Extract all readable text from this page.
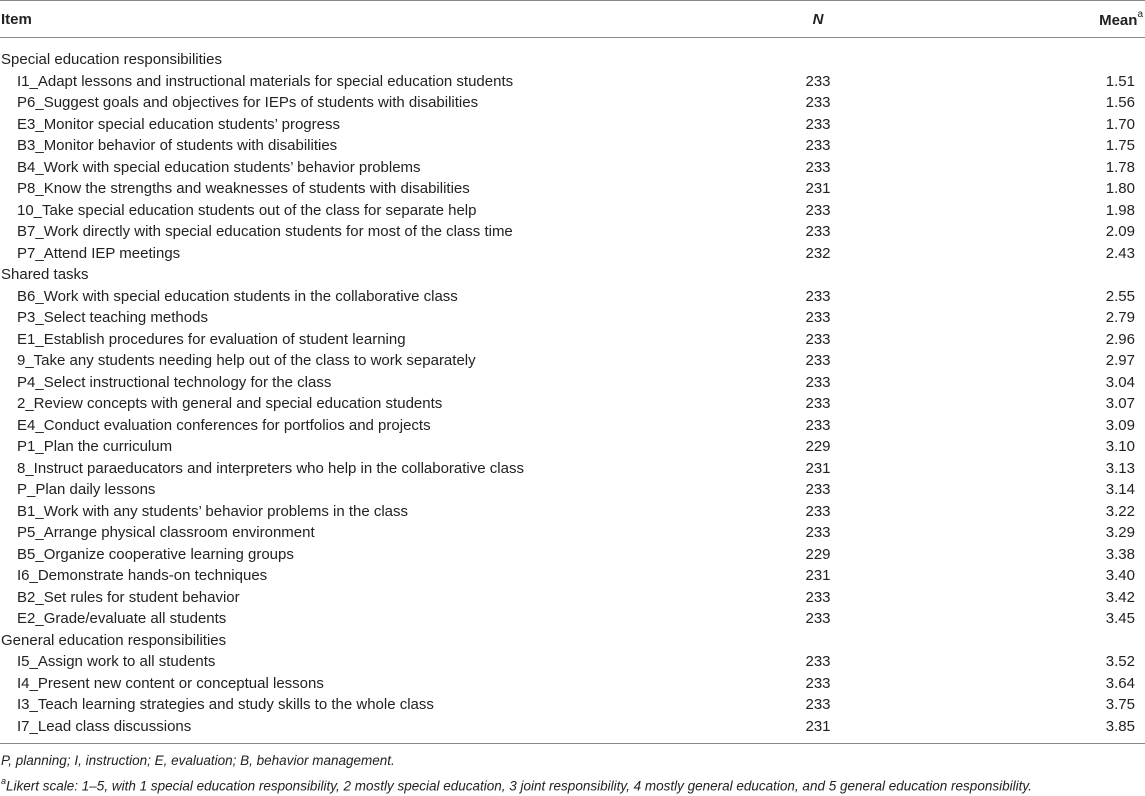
Item	N	Mean$^a$
Special education responsibilities
I1_Adapt lessons and instructional materials for special education students	233	1.51
P6_Suggest goals and objectives for IEPs of students with disabilities	233	1.56
E3_Monitor special education students’ progress	233	1.70
B3_Monitor behavior of students with disabilities	233	1.75
B4_Work with special education students’ behavior problems	233	1.78
P8_Know the strengths and weaknesses of students with disabilities	231	1.80
10_Take special education students out of the class for separate help	233	1.98
B7_Work directly with special education students for most of the class time	233	2.09
P7_Attend IEP meetings	232	2.43
Shared tasks
B6_Work with special education students in the collaborative class	233	2.55
P3_Select teaching methods	233	2.79
E1_Establish procedures for evaluation of student learning	233	2.96
9_Take any students needing help out of the class to work separately	233	2.97
P4_Select instructional technology for the class	233	3.04
2_Review concepts with general and special education students	233	3.07
E4_Conduct evaluation conferences for portfolios and projects	233	3.09
P1_Plan the curriculum	229	3.10
8_Instruct paraeducators and interpreters who help in the collaborative class	231	3.13
P_Plan daily lessons	233	3.14
B1_Work with any students’ behavior problems in the class	233	3.22
P5_Arrange physical classroom environment	233	3.29
B5_Organize cooperative learning groups	229	3.38
I6_Demonstrate hands-on techniques	231	3.40
B2_Set rules for student behavior	233	3.42
E2_Grade/evaluate all students	233	3.45
General education responsibilities
I5_Assign work to all students	233	3.52
I4_Present new content or conceptual lessons	233	3.64
I3_Teach learning strategies and study skills to the whole class	233	3.75
I7_Lead class discussions	231	3.85
P, planning; I, instruction; E, evaluation; B, behavior management.
$^a$Likert scale: 1–5, with 1 special education responsibility, 2 mostly special education, 3 joint responsibility, 4 mostly general education, and 5 general education responsibility.
